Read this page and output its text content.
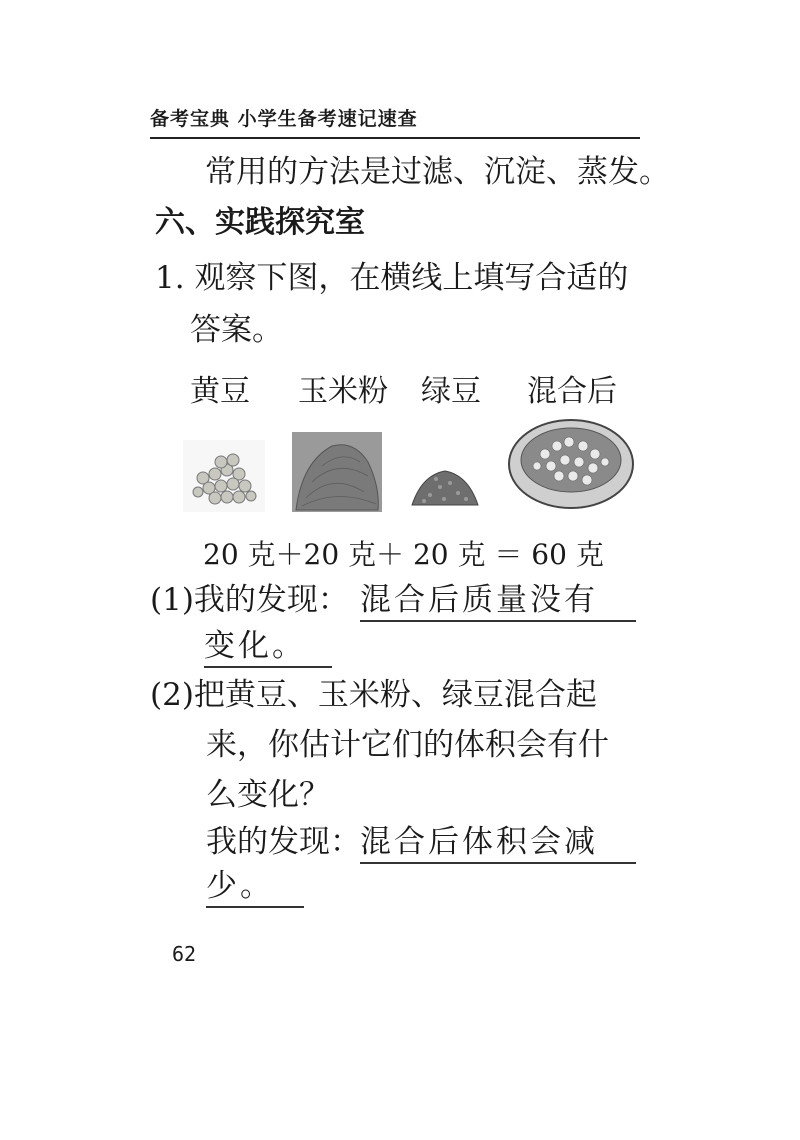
备考宝典 小学生备考速记速查
常用的方法是过滤、沉淀、蒸发。
六、实践探究室
1. 观察下图，在横线上填写合适的
答案。
黄豆 玉米粉 绿豆 混合后
20 克＋20 克＋ 20 克 ＝ 60 克
(1)我的发现： 混合后质量没有
变化。
(2)把黄豆、玉米粉、绿豆混合起
来，你估计它们的体积会有什
么变化？
我的发现： 混合后体积会减
少。
62
